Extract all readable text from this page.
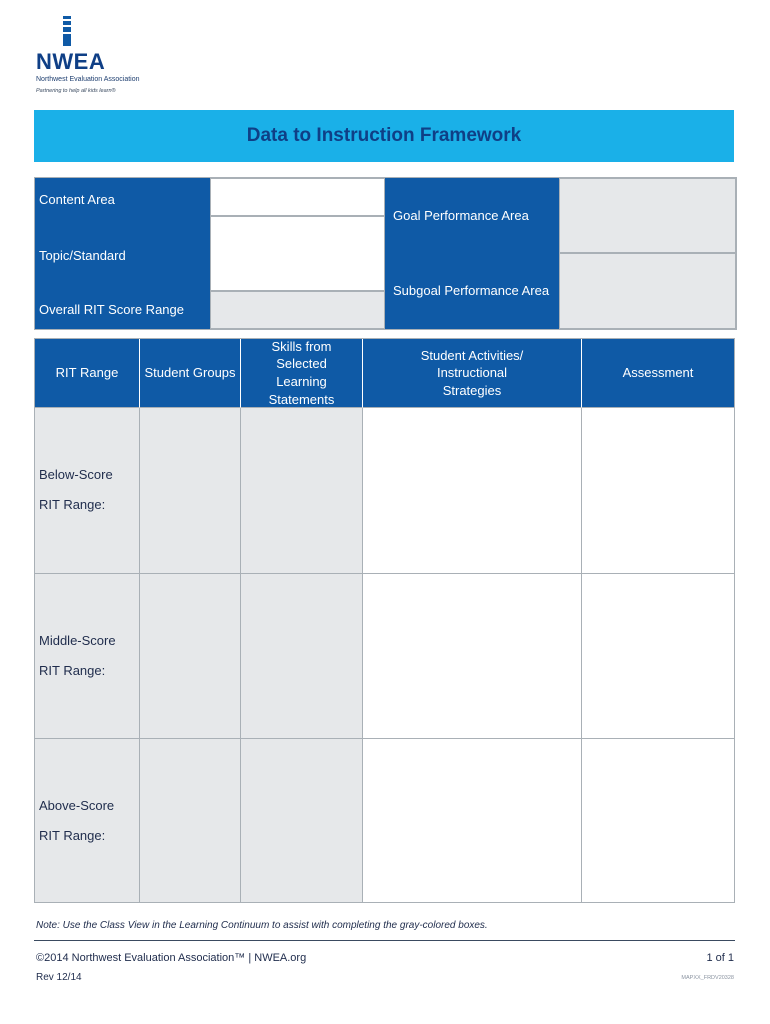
NWEA
Northwest Evaluation Association
Partnering to help all kids learn®
Data to Instruction Framework
Content Area
Topic/Standard
Overall RIT Score Range
Goal Performance Area
Subgoal Performance Area
RIT Range	Student Groups
Skills from Selected Learning Statements
Student Activities/ Instructional Strategies
Assessment
Below-Score
RIT Range:
Middle-Score
RIT Range:
Above-Score
RIT Range:
Note: Use the Class View in the Learning Continuum to assist with completing the gray-colored boxes.
©2014 Northwest Evaluation Association™ | NWEA.org
Rev 12/14
1 of 1
MAPXX_FRDV20328
